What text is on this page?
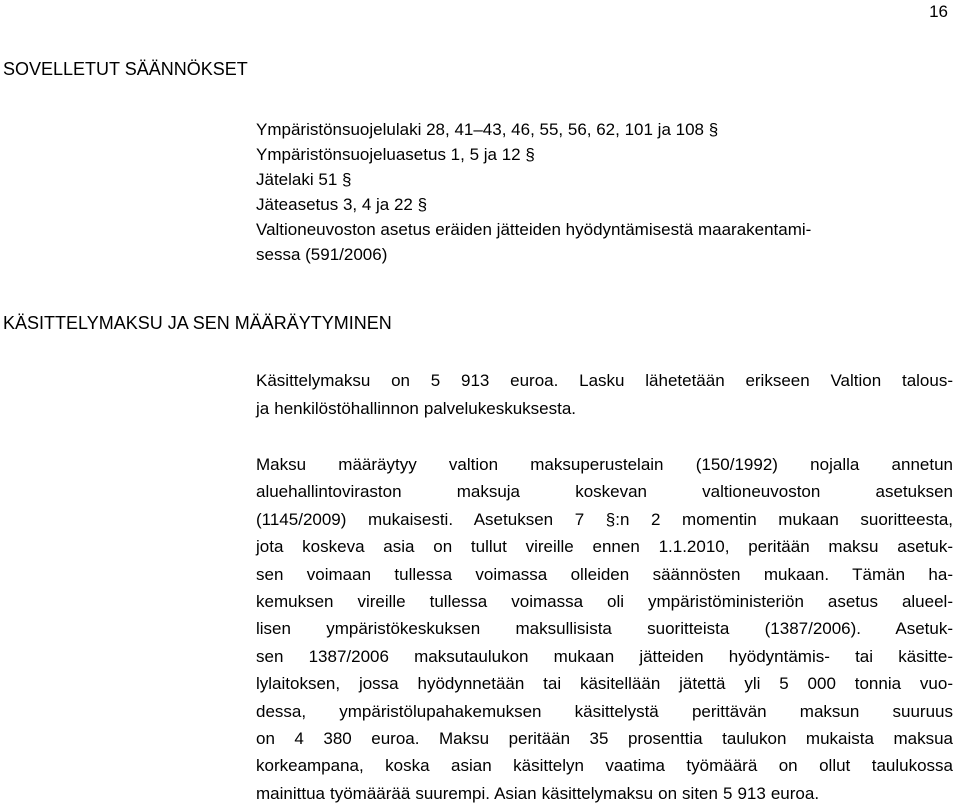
16
SOVELLETUT SÄÄNNÖKSET
Ympäristönsuojelulaki 28, 41–43, 46, 55, 56, 62, 101 ja 108 §
Ympäristönsuojeluasetus 1, 5 ja 12 §
Jätelaki 51 §
Jäteasetus 3, 4 ja 22 §
Valtioneuvoston asetus eräiden jätteiden hyödyntämisestä maarakentami-
sessa (591/2006)
KÄSITTELYMAKSU JA SEN MÄÄRÄYTYMINEN
Käsittelymaksu on 5 913 euroa. Lasku lähetetään erikseen Valtion talous-
ja henkilöstöhallinnon palvelukeskuksesta.
Maksu määräytyy valtion maksuperustelain (150/1992) nojalla annetun
aluehallintoviraston maksuja koskevan valtioneuvoston asetuksen
(1145/2009) mukaisesti. Asetuksen 7 §:n 2 momentin mukaan suoritteesta,
jota koskeva asia on tullut vireille ennen 1.1.2010, peritään maksu asetuk-
sen voimaan tullessa voimassa olleiden säännösten mukaan. Tämän ha-
kemuksen vireille tullessa voimassa oli ympäristöministeriön asetus alueel-
lisen ympäristökeskuksen maksullisista suoritteista (1387/2006). Asetuk-
sen 1387/2006 maksutaulukon mukaan jätteiden hyödyntämis- tai käsitte-
lylaitoksen, jossa hyödynnetään tai käsitellään jätettä yli 5 000 tonnia vuo-
dessa, ympäristölupahakemuksen käsittelystä perittävän maksun suuruus
on 4 380 euroa. Maksu peritään 35 prosenttia taulukon mukaista maksua
korkeampana, koska asian käsittelyn vaatima työmäärä on ollut taulukossa
mainittua työmäärää suurempi. Asian käsittelymaksu on siten 5 913 euroa.
